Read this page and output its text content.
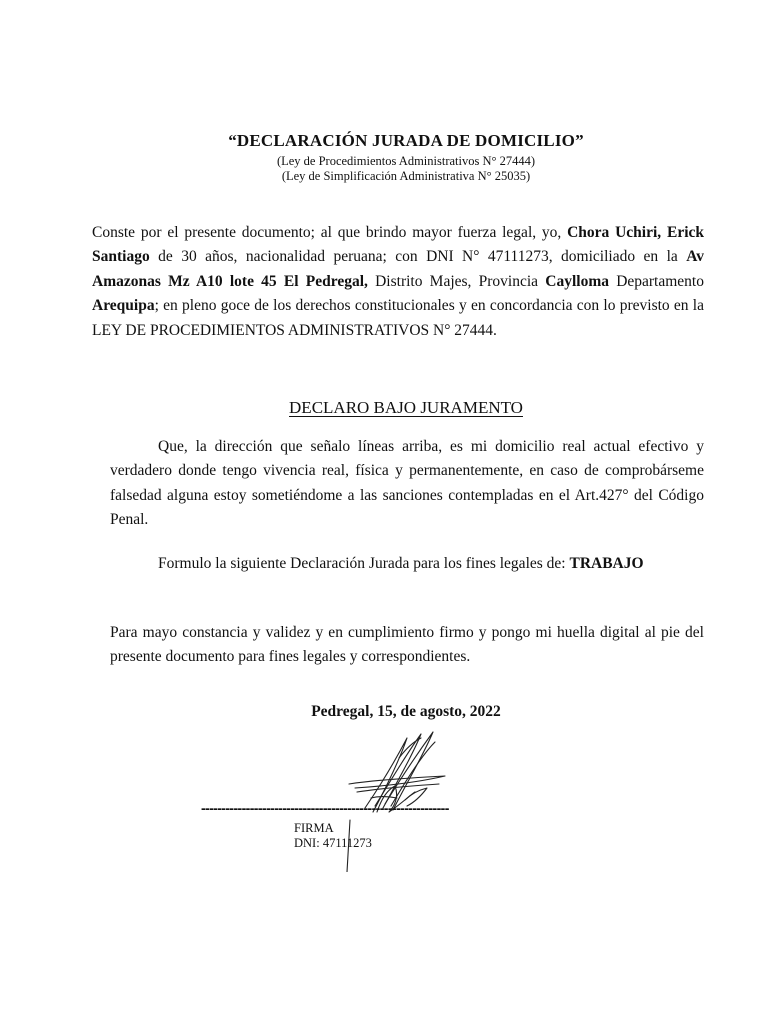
“DECLARACIÓN JURADA DE DOMICILIO”
(Ley de Procedimientos Administrativos N° 27444)
(Ley de Simplificación Administrativa N° 25035)

Conste por el presente documento; al que brindo mayor fuerza legal, yo, Chora Uchiri, Erick Santiago de 30 años, nacionalidad peruana; con DNI N° 47111273, domiciliado en la Av Amazonas Mz A10 lote 45 El Pedregal, Distrito Majes, Provincia Caylloma Departamento Arequipa; en pleno goce de los derechos constitucionales y en concordancia con lo previsto en la LEY DE PROCEDIMIENTOS ADMINISTRATIVOS N° 27444.

DECLARO BAJO JURAMENTO

Que, la dirección que señalo líneas arriba, es mi domicilio real actual efectivo y verdadero donde tengo vivencia real, física y permanentemente, en caso de comprobárseme falsedad alguna estoy sometiéndome a las sanciones contempladas en el Art.427° del Código Penal.

Formulo la siguiente Declaración Jurada para los fines legales de: TRABAJO

Para mayo constancia y validez y en cumplimiento firmo y pongo mi huella digital al pie del presente documento para fines legales y correspondientes.

Pedregal, 15, de agosto, 2022
-------------------------------------------------------------
FIRMA
DNI: 47111273
